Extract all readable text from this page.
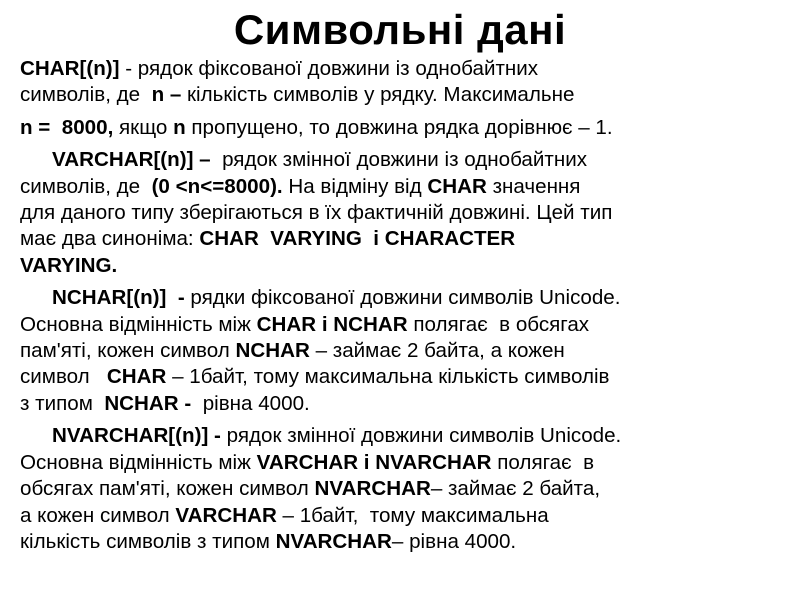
Символьні дані
CHAR[(n)] - рядок фіксованої довжини із однобайтних
символів, де  n – кількість символів у рядку. Максимальне
n =  8000, якщо n пропущено, то довжина рядка дорівнює – 1.
VARCHAR[(n)] –  рядок змінної довжини із однобайтних
символів, де  (0 <n<=8000). На відміну від CHAR значення
для даного типу зберігаються в їх фактичній довжині. Цей тип
має два синоніма: CHAR  VARYING  і CHARACTER
VARYING.
NCHAR[(n)] - рядки фіксованої довжини символів Unicode.
Основна відмінність між CHAR і NCHAR полягає  в обсягах
пам'яті, кожен символ NCHAR – займає 2 байта, а кожен
символ   CHAR – 1байт, тому максимальна кількість символів
з типом  NCHAR -  рівна 4000.
NVARCHAR[(n)] - рядок змінної довжини символів Unicode.
Основна відмінність між VARCHAR і NVARCHAR полягає  в
обсягах пам'яті, кожен символ NVARCHAR– займає 2 байта,
а кожен символ VARCHAR – 1байт,  тому максимальна
кількість символів з типом NVARCHAR– рівна 4000.
